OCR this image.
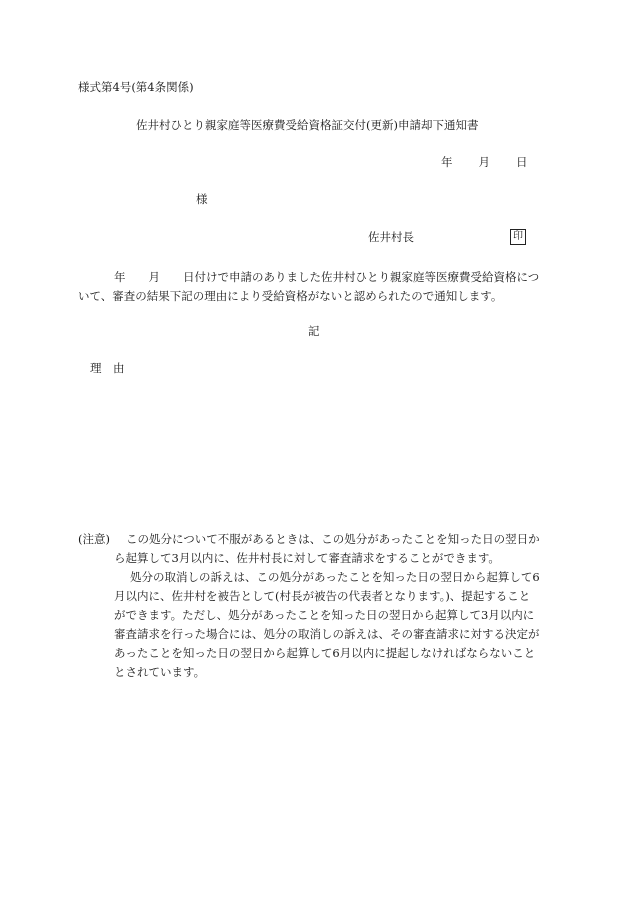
様式第4号(第4条関係)
佐井村ひとり親家庭等医療費受給資格証交付(更新)申請却下通知書
年 月 日
様
佐井村長	印
年　　月　　日付けで申請のありました佐井村ひとり親家庭等医療費受給資格につ
いて、審査の結果下記の理由により受給資格がないと認められたので通知します。
記
理　由
(注意) この処分について不服があるときは、この処分があったことを知った日の翌日か
ら起算して3月以内に、佐井村長に対して審査請求をすることができます。
処分の取消しの訴えは、この処分があったことを知った日の翌日から起算して6
月以内に、佐井村を被告として(村長が被告の代表者となります。)、提起すること
ができます。ただし、処分があったことを知った日の翌日から起算して3月以内に
審査請求を行った場合には、処分の取消しの訴えは、その審査請求に対する決定が
あったことを知った日の翌日から起算して6月以内に提起しなければならないこと
とされています。
